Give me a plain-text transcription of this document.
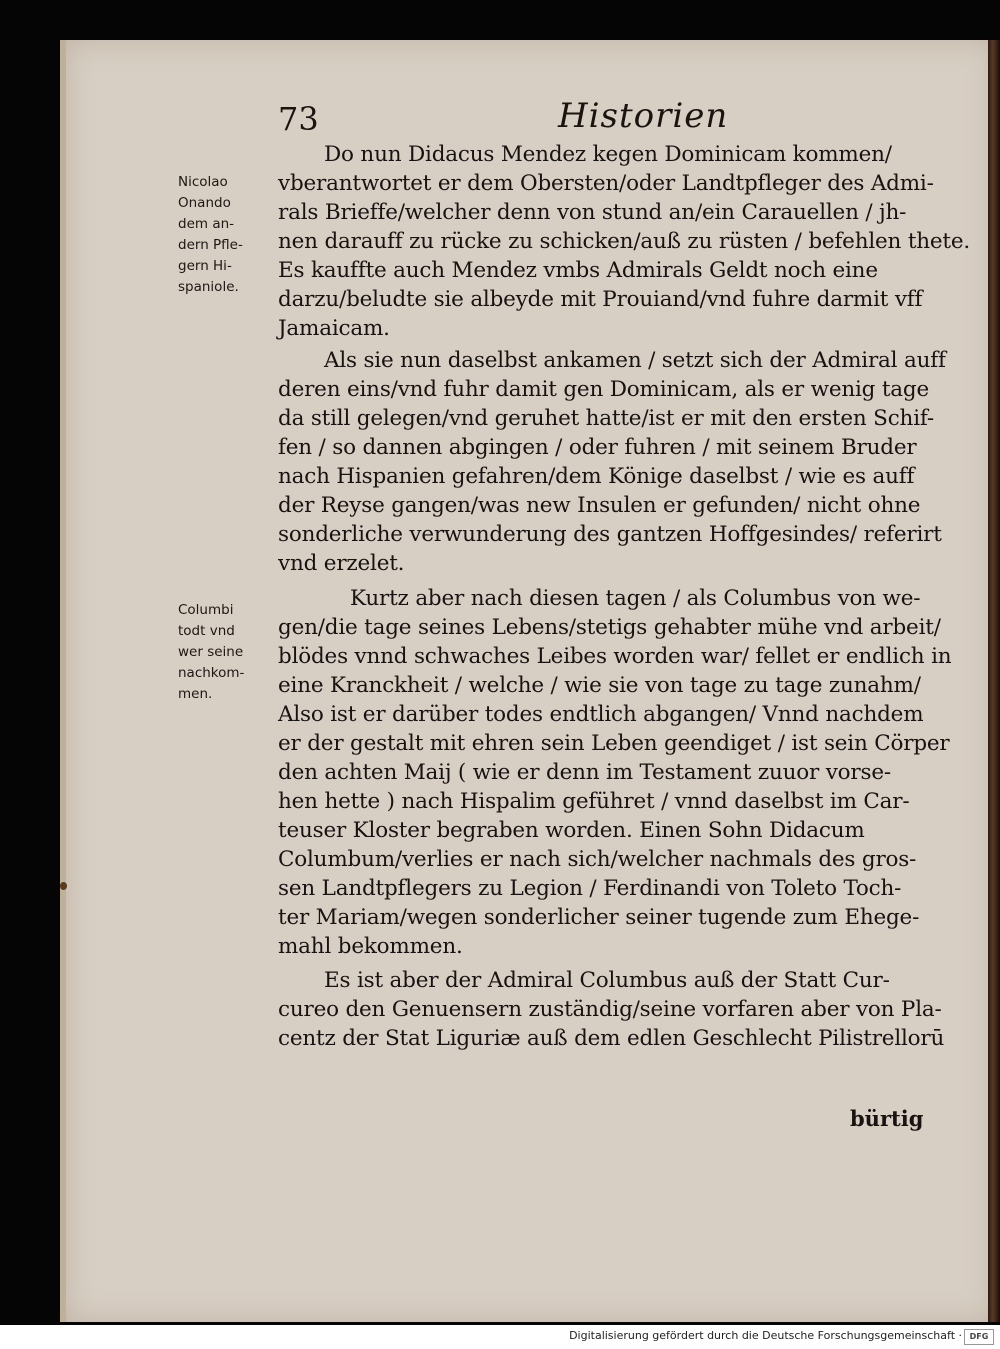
73	Historien
Nicolao
Onando
dem an-
dern Pfle-
gern Hi-
spaniole.
Columbi
todt vnd
wer seine
nachkom-
men.
Do nun Didacus Mendez kegen Dominicam kommen/
vberantwortet er dem Obersten/oder Landtpfleger des Admi-
rals Brieffe/welcher denn von stund an/ein Carauellen / jh-
nen darauff zu rücke zu schicken/auß zu rüsten / befehlen thete.
Es kauffte auch Mendez vmbs Admirals Geldt noch eine
darzu/beludte sie albeyde mit Prouiand/vnd fuhre darmit vff
Jamaicam.
Als sie nun daselbst ankamen / setzt sich der Admiral auff
deren eins/vnd fuhr damit gen Dominicam, als er wenig tage
da still gelegen/vnd geruhet hatte/ist er mit den ersten Schif-
fen / so dannen abgingen / oder fuhren / mit seinem Bruder
nach Hispanien gefahren/dem Könige daselbst / wie es auff
der Reyse gangen/was new Insulen er gefunden/ nicht ohne
sonderliche verwunderung des gantzen Hoffgesindes/ referirt
vnd erzelet.
Kurtz aber nach diesen tagen / als Columbus von we-
gen/die tage seines Lebens/stetigs gehabter mühe vnd arbeit/
blödes vnnd schwaches Leibes worden war/ fellet er endlich in
eine Kranckheit / welche / wie sie von tage zu tage zunahm/
Also ist er darüber todes endtlich abgangen/ Vnnd nachdem
er der gestalt mit ehren sein Leben geendiget / ist sein Cörper
den achten Maij ( wie er denn im Testament zuuor vorse-
hen hette ) nach Hispalim geführet / vnnd daselbst im Car-
teuser Kloster begraben worden. Einen Sohn Didacum
Columbum/verlies er nach sich/welcher nachmals des gros-
sen Landtpflegers zu Legion / Ferdinandi von Toleto Toch-
ter Mariam/wegen sonderlicher seiner tugende zum Ehege-
mahl bekommen.
Es ist aber der Admiral Columbus auß der Statt Cur-
cureo den Genuensern zuständig/seine vorfaren aber von Pla-
centz der Stat Liguriæ auß dem edlen Geschlecht Pilistrellorū
bürtig
Digitalisierung gefördert durch die Deutsche Forschungsgemeinschaft · DFG
